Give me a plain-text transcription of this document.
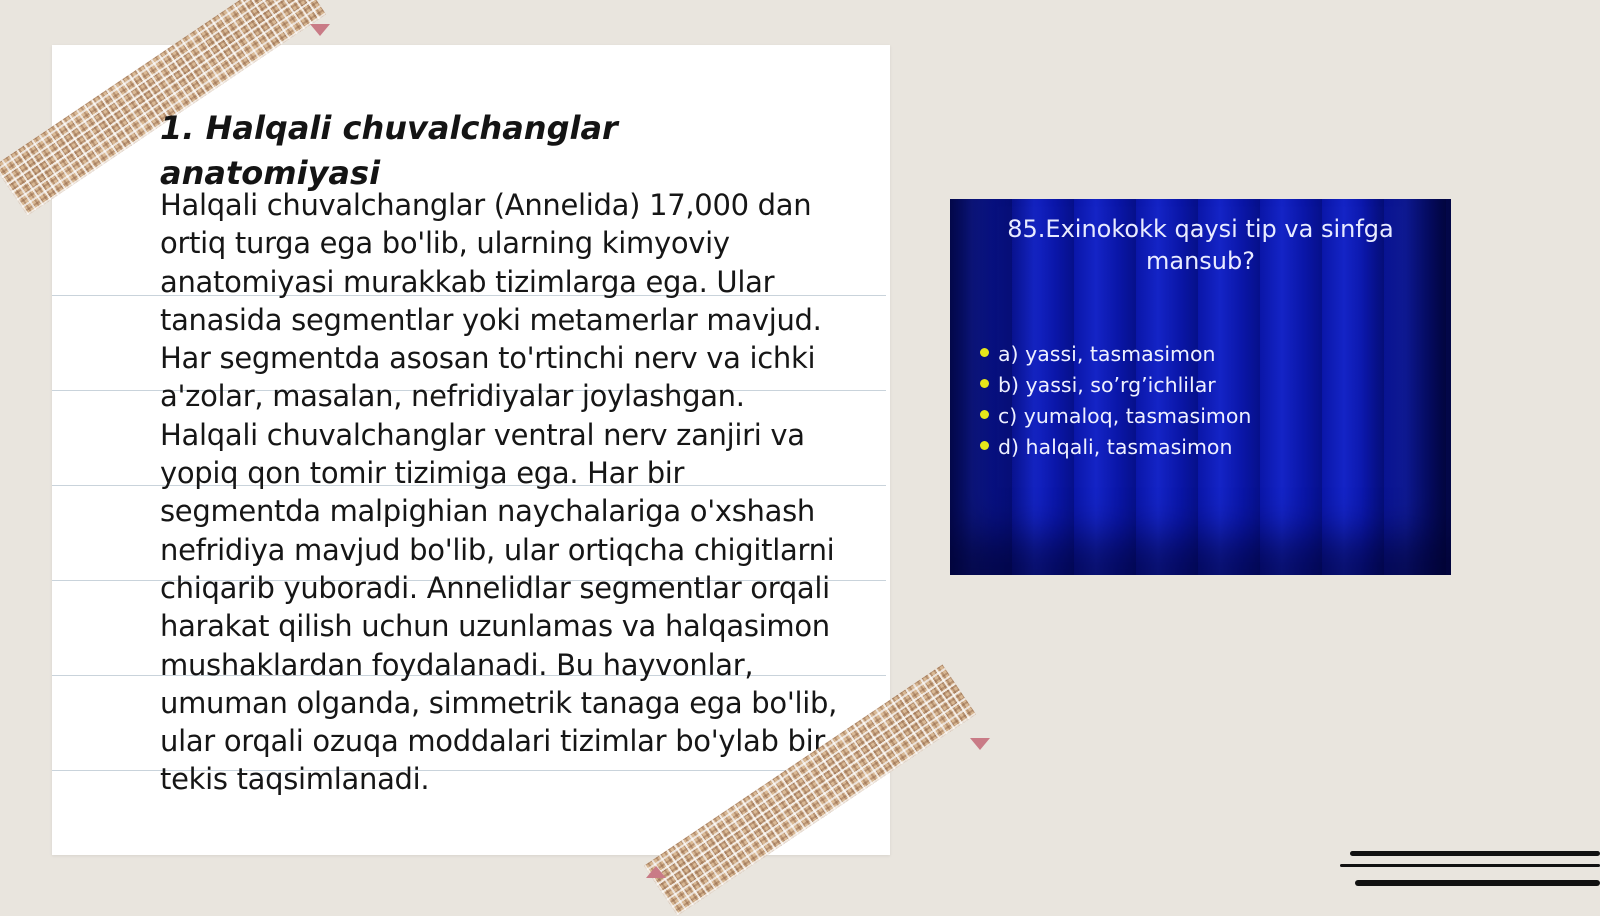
1. Halqali chuvalchanglar anatomiyasi

Halqali chuvalchanglar (Annelida) 17,000 dan ortiq turga ega bo'lib, ularning kimyoviy anatomiyasi murakkab tizimlarga ega. Ular tanasida segmentlar yoki metamerlar mavjud. Har segmentda asosan to'rtinchi nerv va ichki a'zolar, masalan, nefridiyalar joylashgan. Halqali chuvalchanglar ventral nerv zanjiri va yopiq qon tomir tizimiga ega. Har bir segmentda malpighian naychalariga o'xshash nefridiya mavjud bo'lib, ular ortiqcha chigitlarni chiqarib yuboradi. Annelidlar segmentlar orqali harakat qilish uchun uzunlamas va halqasimon mushaklardan foydalanadi. Bu hayvonlar, umuman olganda, simmetrik tanaga ega bo'lib, ular orqali ozuqa moddalari tizimlar bo'ylab bir tekis taqsimlanadi.

85.Exinokokk qaysi tip va sinfga mansub?

a) yassi, tasmasimon
b) yassi, so’rg’ichlilar
c) yumaloq, tasmasimon
d) halqali, tasmasimon
